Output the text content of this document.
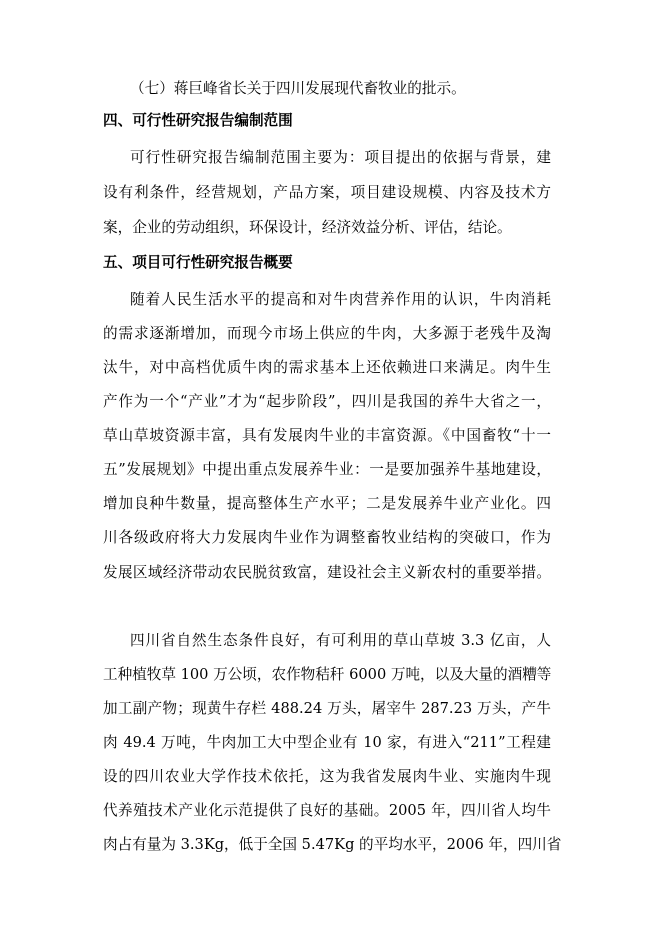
（七）蒋巨峰省长关于四川发展现代畜牧业的批示。
四、可行性研究报告编制范围
可行性研究报告编制范围主要为：项目提出的依据与背景，建
设有利条件，经营规划，产品方案，项目建设规模、内容及技术方
案，企业的劳动组织，环保设计，经济效益分析、评估，结论。
五、项目可行性研究报告概要
随着人民生活水平的提高和对牛肉营养作用的认识，牛肉消耗
的需求逐渐增加，而现今市场上供应的牛肉，大多源于老残牛及淘
汰牛，对中高档优质牛肉的需求基本上还依赖进口来满足。肉牛生
产作为一个“产业”才为“起步阶段”，四川是我国的养牛大省之一，
草山草坡资源丰富，具有发展肉牛业的丰富资源。《中国畜牧“十一
五”发展规划》中提出重点发展养牛业：一是要加强养牛基地建设，
增加良种牛数量，提高整体生产水平；二是发展养牛业产业化。四
川各级政府将大力发展肉牛业作为调整畜牧业结构的突破口，作为
发展区域经济带动农民脱贫致富，建设社会主义新农村的重要举措。
四川省自然生态条件良好，有可利用的草山草坡 3.3 亿亩，人
工种植牧草 100 万公顷，农作物秸秆 6000 万吨，以及大量的酒糟等
加工副产物；现黄牛存栏 488.24 万头，屠宰牛 287.23 万头，产牛
肉 49.4 万吨，牛肉加工大中型企业有 10 家，有进入“211”工程建
设的四川农业大学作技术依托，这为我省发展肉牛业、实施肉牛现
代养殖技术产业化示范提供了良好的基础。2005 年，四川省人均牛
肉占有量为 3.3Kg，低于全国 5.47Kg 的平均水平，2006 年，四川省
